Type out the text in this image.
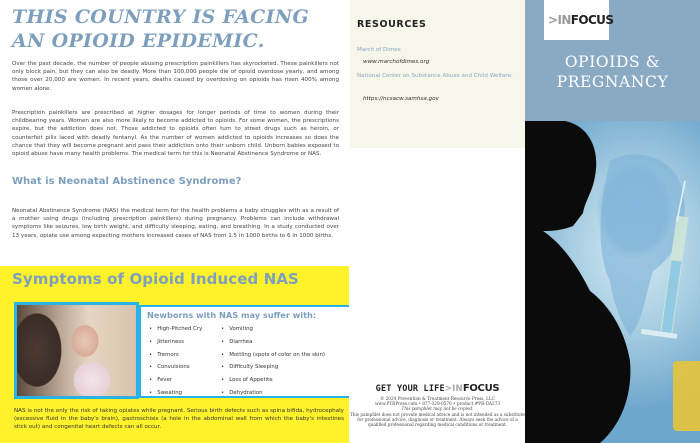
THIS COUNTRY IS FACING AN OPIOID EPIDEMIC.

Over the past decade, the number of people abusing prescription painkillers has skyrocketed. These painkillers not only block pain, but they can also be deadly. More than 100,000 people die of opioid overdose yearly, and among those over 20,000 are women. In recent years, deaths caused by overdosing on opioids has risen 400% among women alone.

Prescription painkillers are prescribed at higher dosages for longer periods of time to women during their childbearing years. Women are also more likely to become addicted to opioids. For some women, the prescriptions expire, but the addiction does not. Those addicted to opioids often turn to street drugs such as heroin, or counterfeit pills laced with deadly fentanyl. As the number of women addicted to opioids increases so does the chance that they will become pregnant and pass their addiction onto their unborn child. Unborn babies exposed to opioid abuse have many health problems. The medical term for this is Neonatal Abstinence Syndrome or NAS.

What is Neonatal Abstinence Syndrome?

Neonatal Abstinence Syndrome (NAS) the medical term for the health problems a baby struggles with as a result of a mother using drugs (including prescription painkillers) during pregnancy. Problems can include withdrawal symptoms like seizures, low birth weight, and difficulty sleeping, eating, and breathing. In a study conducted over 13 years, opiate use among expecting mothers increased cases of NAS from 1.5 in 1000 births to 6 in 1000 births.

Symptoms of Opioid Induced NAS
Newborns with NAS may suffer with:
• High-Pitched Cry
• Jitteriness
• Tremors
• Convulsions
• Fever
• Sweating
• Vomiting
• Diarrhea
• Mottling (spots of color on the skin)
• Difficulty Sleeping
• Loss of Appetite
• Dehydration

NAS is not the only the risk of taking opiates while pregnant. Serious birth defects such as spina bifida, hydrocephaly (excessive fluid in the baby's brain), gastroschisis (a hole in the abdominal wall from which the baby's intestines stick out) and congenital heart defects can all occur.

RESOURCES
March of Dimes
www.marchofdimes.org
National Center on Substance Abuse and Child Welfare:
https://ncsacw.samhsa.gov
GET YOUR LIFE>INFOCUS
© 2024 Prevention & Treatment Resource Press, LLC
www.PTRPress.com • 877-329-0570 • product #PB-DA273
This pamphlet may not be copied.
This pamphlet does not provide medical advice and is not intended as a substitute for professional advice, diagnosis or treatment. Always seek the advice of a qualified professional regarding medical conditions or treatment.
>INFOCUS
OPIOIDS &
PREGNANCY
